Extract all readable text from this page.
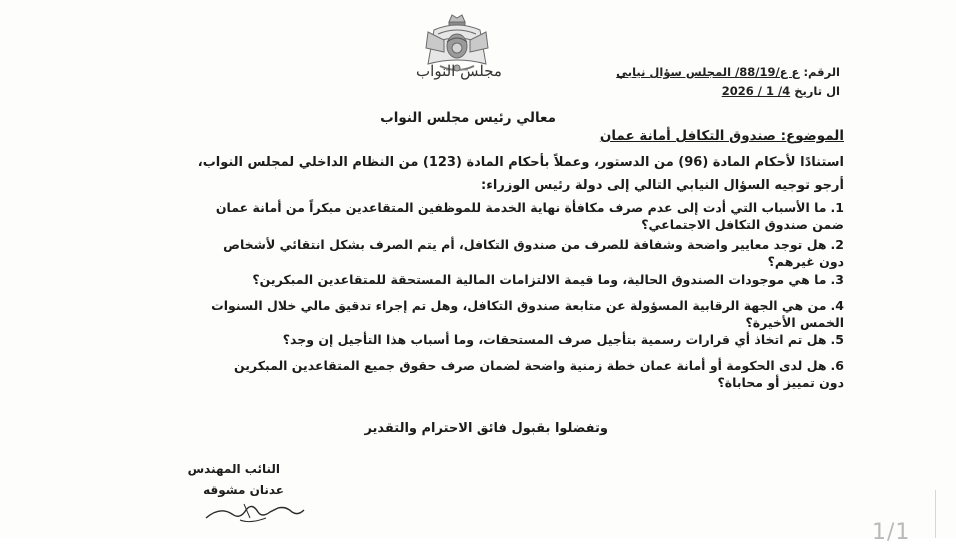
مجلس النواب	الرقم: ع ع/88/19/ المجلس سؤال نيابي
ال تاريخ 4/ 1 / 2026
معالي رئيس مجلس النواب
الموضوع: صندوق التكافل أمانة عمان
استنادًا لأحكام المادة (96) من الدستور، وعملاً بأحكام المادة (123) من النظام الداخلي لمجلس النواب،
أرجو توجيه السؤال النيابي التالي إلى دولة رئيس الوزراء:
1.ما الأسباب التي أدت إلى عدم صرف مكافأة نهاية الخدمة للموظفين المتقاعدين مبكراً من أمانة عمان
ضمن صندوق التكافل الاجتماعي؟
2.هل توجد معايير واضحة وشفافة للصرف من صندوق التكافل، أم يتم الصرف بشكل انتقائي لأشخاص
دون غيرهم؟
3.ما هي موجودات الصندوق الحالية، وما قيمة الالتزامات المالية المستحقة للمتقاعدين المبكرين؟
4.من هي الجهة الرقابية المسؤولة عن متابعة صندوق التكافل، وهل تم إجراء تدقيق مالي خلال السنوات
الخمس الأخيرة؟
5.هل تم اتخاذ أي قرارات رسمية بتأجيل صرف المستحقات، وما أسباب هذا التأجيل إن وجد؟
6.هل لدى الحكومة أو أمانة عمان خطة زمنية واضحة لضمان صرف حقوق جميع المتقاعدين المبكرين
دون تمييز أو محاباة؟
وتفضلوا بقبول فائق الاحترام والتقدير
النائب المهندس
عدنان مشوقه
1/1
